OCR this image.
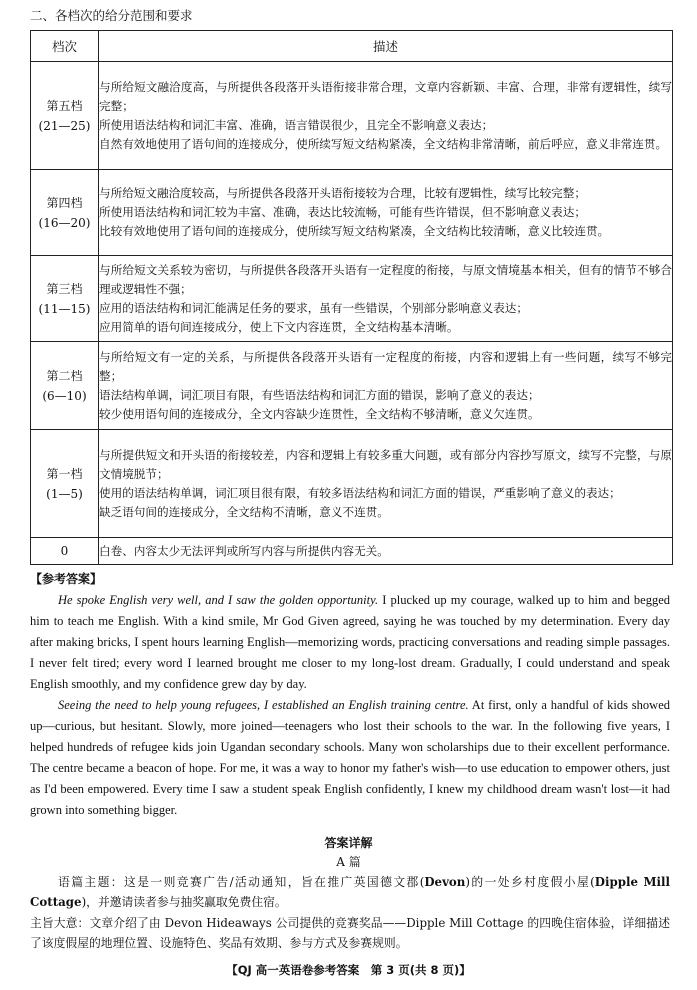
二、各档次的给分范围和要求
档次	描述

第五档
(21—25)	与所给短文融洽度高，与所提供各段落开头语衔接非常合理，文章内容新颖、丰富、合理，非常有逻辑性，续写完整；
所使用语法结构和词汇丰富、准确，语言错误很少，且完全不影响意义表达；
自然有效地使用了语句间的连接成分，使所续写短文结构紧凑，全文结构非常清晰，前后呼应，意义非常连贯。

第四档
(16—20)	与所给短文融洽度较高，与所提供各段落开头语衔接较为合理，比较有逻辑性，续写比较完整；
所使用语法结构和词汇较为丰富、准确，表达比较流畅，可能有些许错误，但不影响意义表达；
比较有效地使用了语句间的连接成分，使所续写短文结构紧凑，全文结构比较清晰，意义比较连贯。

第三档
(11—15)	与所给短文关系较为密切，与所提供各段落开头语有一定程度的衔接，与原文情境基本相关，但有的情节不够合理或逻辑性不强；
应用的语法结构和词汇能满足任务的要求，虽有一些错误，个别部分影响意义表达；
应用简单的语句间连接成分，使上下文内容连贯，全文结构基本清晰。

第二档
(6—10)	与所给短文有一定的关系，与所提供各段落开头语有一定程度的衔接，内容和逻辑上有一些问题，续写不够完整；
语法结构单调，词汇项目有限，有些语法结构和词汇方面的错误，影响了意义的表达；
较少使用语句间的连接成分，全文内容缺少连贯性，全文结构不够清晰，意义欠连贯。

第一档
(1—5)	与所提供短文和开头语的衔接较差，内容和逻辑上有较多重大问题，或有部分内容抄写原文，续写不完整，与原文情境脱节；
使用的语法结构单调，词汇项目很有限，有较多语法结构和词汇方面的错误，严重影响了意义的表达；
缺乏语句间的连接成分，全文结构不清晰，意义不连贯。

0	白卷、内容太少无法评判或所写内容与所提供内容无关。
【参考答案】

He spoke English very well, and I saw the golden opportunity. I plucked up my courage, walked up to him and begged him to teach me English. With a kind smile, Mr God Given agreed, saying he was touched by my determination. Every day after making bricks, I spent hours learning English—memorizing words, practicing conversations and reading simple passages. I never felt tired; every word I learned brought me closer to my long-lost dream. Gradually, I could understand and speak English smoothly, and my confidence grew day by day.

Seeing the need to help young refugees, I established an English training centre. At first, only a handful of kids showed up—curious, but hesitant. Slowly, more joined—teenagers who lost their schools to the war. In the following five years, I helped hundreds of refugee kids join Ugandan secondary schools. Many won scholarships due to their excellent performance. The centre became a beacon of hope. For me, it was a way to honor my father's wish—to use education to empower others, just as I'd been empowered. Every time I saw a student speak English confidently, I knew my childhood dream wasn't lost—it had grown into something bigger.

答案详解
A 篇
语篇主题：这是一则竞赛广告/活动通知，旨在推广英国德文郡(Devon)的一处乡村度假小屋(Dipple Mill Cottage)，并邀请读者参与抽奖赢取免费住宿。
主旨大意：文章介绍了由 Devon Hideaways 公司提供的竞赛奖品——Dipple Mill Cottage 的四晚住宿体验，详细描述了该度假屋的地理位置、设施特色、奖品有效期、参与方式及参赛规则。
【QJ 高一英语卷参考答案　第 3 页(共 8 页)】
